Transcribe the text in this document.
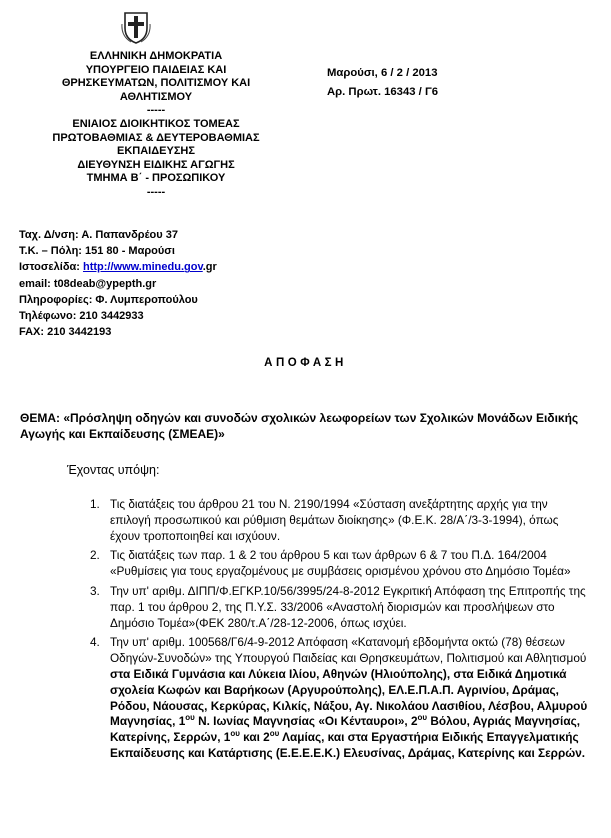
ΕΛΛΗΝΙΚΗ ΔΗΜΟΚΡΑΤΙΑ
ΥΠΟΥΡΓΕΙΟ ΠΑΙΔΕΙΑΣ ΚΑΙ
ΘΡΗΣΚΕΥΜΑΤΩΝ, ΠΟΛΙΤΙΣΜΟΥ ΚΑΙ
ΑΘΛΗΤΙΣΜΟΥ
-----
ΕΝΙΑΙΟΣ ΔΙΟΙΚΗΤΙΚΟΣ ΤΟΜΕΑΣ
ΠΡΩΤΟΒΑΘΜΙΑΣ & ΔΕΥΤΕΡΟΒΑΘΜΙΑΣ
ΕΚΠΑΙΔΕΥΣΗΣ
ΔΙΕΥΘΥΝΣΗ ΕΙΔΙΚΗΣ ΑΓΩΓΗΣ
ΤΜΗΜΑ Β΄ - ΠΡΟΣΩΠΙΚΟΥ
-----
Μαρούσι, 6 / 2 / 2013
Αρ. Πρωτ. 16343 / Γ6
Ταχ. Δ/νση: Α. Παπανδρέου 37
Τ.Κ. – Πόλη: 151 80 - Μαρούσι
Ιστοσελίδα: http://www.minedu.gov.gr
email: t08deab@ypepth.gr
Πληροφορίες: Φ. Λυμπεροπούλου
Τηλέφωνο: 210 3442933
FAX: 210 3442193
ΑΠΟΦΑΣΗ
ΘΕΜΑ: «Πρόσληψη οδηγών και συνοδών σχολικών λεωφορείων των Σχολικών Μονάδων Ειδικής Αγωγής και Εκπαίδευσης (ΣΜΕΑΕ)»
Έχοντας υπόψη:
1. Τις διατάξεις του άρθρου 21 του Ν. 2190/1994 «Σύσταση ανεξάρτητης αρχής για την επιλογή προσωπικού και ρύθμιση θεμάτων διοίκησης» (Φ.Ε.Κ. 28/Α΄/3-3-1994), όπως έχουν τροποποιηθεί και ισχύουν.
2. Τις διατάξεις των παρ. 1 & 2 του άρθρου 5 και των άρθρων 6 & 7 του Π.Δ. 164/2004 «Ρυθμίσεις για τους εργαζομένους με συμβάσεις ορισμένου χρόνου στο Δημόσιο Τομέα»
3. Την υπ' αριθμ. ΔΙΠΠ/Φ.ΕΓΚΡ.10/56/3995/24-8-2012 Εγκριτική Απόφαση της Επιτροπής της παρ. 1 του άρθρου 2, της Π.Υ.Σ. 33/2006 «Αναστολή διορισμών και προσλήψεων στο Δημόσιο Τομέα»(ΦΕΚ 280/τ.Α΄/28-12-2006, όπως ισχύει.
4. Την υπ' αριθμ. 100568/Γ6/4-9-2012 Απόφαση «Κατανομή εβδομήντα οκτώ (78) θέσεων Οδηγών-Συνοδών» της Υπουργού Παιδείας και Θρησκευμάτων, Πολιτισμού και Αθλητισμού στα Ειδικά Γυμνάσια και Λύκεια Ιλίου, Αθηνών (Ηλιούπολης), στα Ειδικά Δημοτικά σχολεία Κωφών και Βαρήκοων (Αργυρούπολης), ΕΛ.Ε.Π.Α.Π. Αγρινίου, Δράμας, Ρόδου, Νάουσας, Κερκύρας, Κιλκίς, Νάξου, Αγ. Νικολάου Λασιθίου, Λέσβου, Αλμυρού Μαγνησίας, $1^{o\upsilon}$ Ν. Ιωνίας Μαγνησίας «Οι Κένταυροι», $2^{o\upsilon}$ Βόλου, Αγριάς Μαγνησίας, Κατερίνης, Σερρών, $1^{o\upsilon}$ και $2^{o\upsilon}$ Λαμίας, και στα Εργαστήρια Ειδικής Επαγγελματικής Εκπαίδευσης και Κατάρτισης (Ε.Ε.Ε.Ε.Κ.) Ελευσίνας, Δράμας, Κατερίνης και Σερρών.
